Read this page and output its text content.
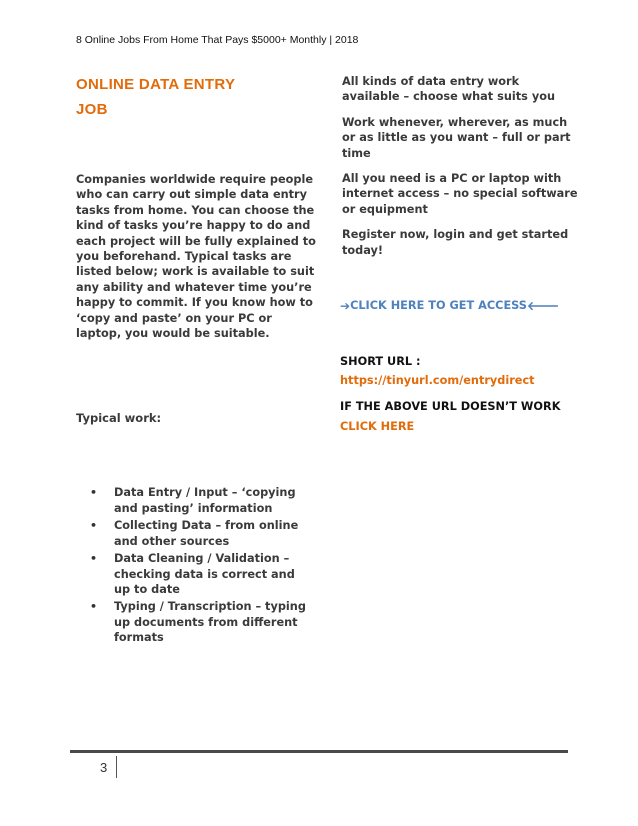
8 Online Jobs From Home That Pays $5000+ Monthly | 2018
ONLINE DATA ENTRY
JOB
Companies worldwide require people who can carry out simple data entry tasks from home. You can choose the kind of tasks you’re happy to do and each project will be fully explained to you beforehand. Typical tasks are listed below; work is available to suit any ability and whatever time you’re happy to commit. If you know how to ‘copy and paste’ on your PC or laptop, you would be suitable.
Typical work:
• Data Entry / Input – ‘copying and pasting’ information
• Collecting Data – from online and other sources
• Data Cleaning / Validation – checking data is correct and up to date
• Typing / Transcription – typing up documents from different formats
All kinds of data entry work available – choose what suits you
Work whenever, wherever, as much or as little as you want – full or part time
All you need is a PC or laptop with internet access – no special software or equipment
Register now, login and get started today!
➔ CLICK HERE TO GET ACCESS 🡐
SHORT URL :
https://tinyurl.com/entrydirect
IF THE ABOVE URL DOESN’T WORK CLICK HERE
3
